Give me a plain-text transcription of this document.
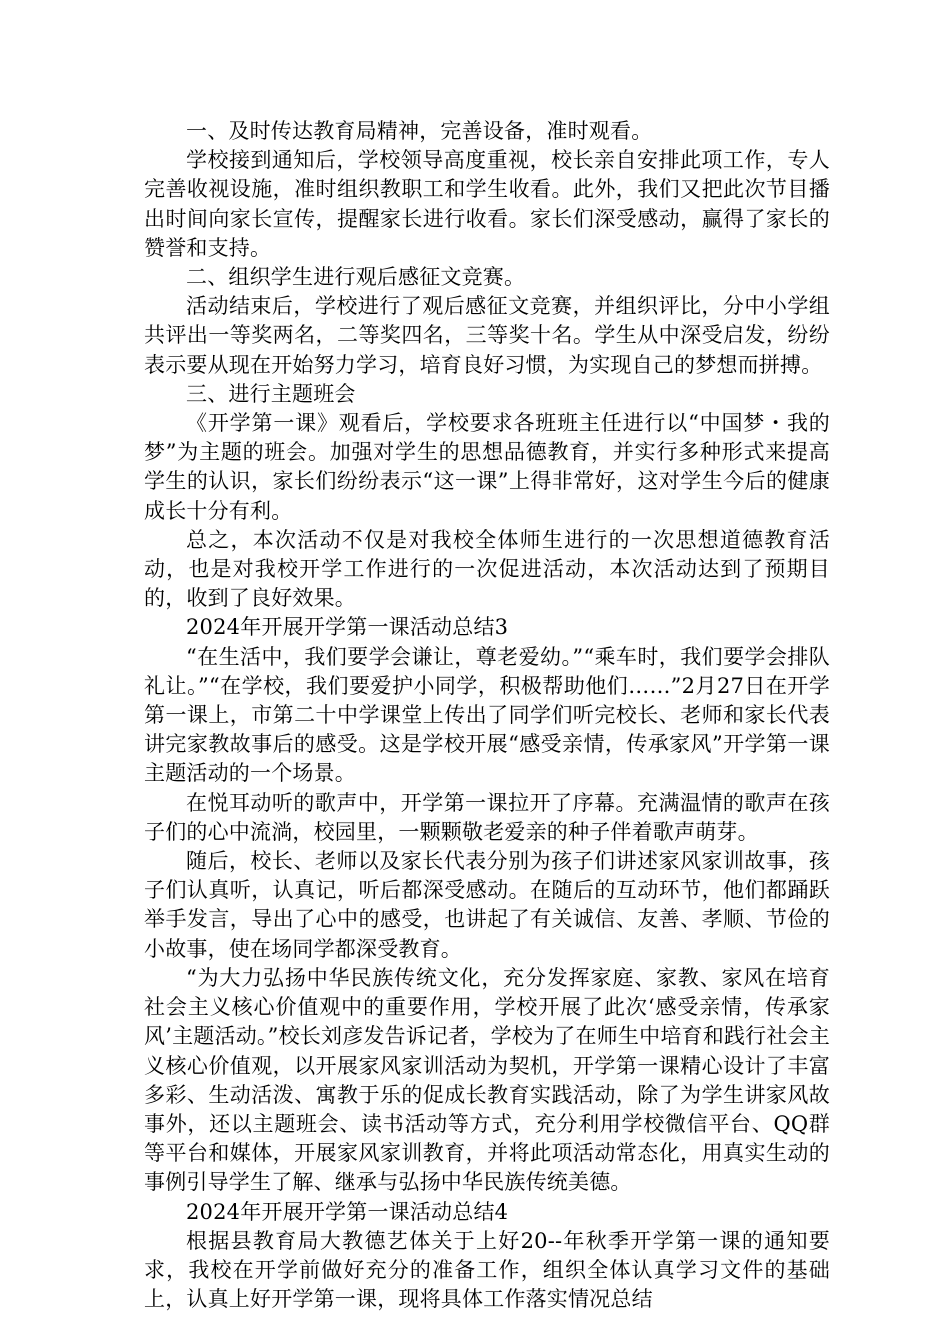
一、及时传达教育局精神，完善设备，准时观看。

学校接到通知后，学校领导高度重视，校长亲自安排此项工作，专人完善收视设施，准时组织教职工和学生收看。此外，我们又把此次节目播出时间向家长宣传，提醒家长进行收看。家长们深受感动，赢得了家长的赞誉和支持。

二、组织学生进行观后感征文竞赛。

活动结束后，学校进行了观后感征文竞赛，并组织评比，分中小学组共评出一等奖两名，二等奖四名，三等奖十名。学生从中深受启发，纷纷表示要从现在开始努力学习，培育良好习惯，为实现自己的梦想而拼搏。

三、进行主题班会

《开学第一课》观看后，学校要求各班班主任进行以“中国梦・我的梦”为主题的班会。加强对学生的思想品德教育，并实行多种形式来提高学生的认识，家长们纷纷表示“这一课”上得非常好，这对学生今后的健康成长十分有利。

总之，本次活动不仅是对我校全体师生进行的一次思想道德教育活动，也是对我校开学工作进行的一次促进活动，本次活动达到了预期目的，收到了良好效果。

2024年开展开学第一课活动总结3

“在生活中，我们要学会谦让，尊老爱幼。”“乘车时，我们要学会排队礼让。”“在学校，我们要爱护小同学，积极帮助他们……”2月27日在开学第一课上，市第二十中学课堂上传出了同学们听完校长、老师和家长代表讲完家教故事后的感受。这是学校开展“感受亲情，传承家风”开学第一课主题活动的一个场景。

在悦耳动听的歌声中，开学第一课拉开了序幕。充满温情的歌声在孩子们的心中流淌，校园里，一颗颗敬老爱亲的种子伴着歌声萌芽。

随后，校长、老师以及家长代表分别为孩子们讲述家风家训故事，孩子们认真听，认真记，听后都深受感动。在随后的互动环节，他们都踊跃举手发言，导出了心中的感受，也讲起了有关诚信、友善、孝顺、节俭的小故事，使在场同学都深受教育。

“为大力弘扬中华民族传统文化，充分发挥家庭、家教、家风在培育社会主义核心价值观中的重要作用，学校开展了此次‘感受亲情，传承家风’主题活动。”校长刘彦发告诉记者，学校为了在师生中培育和践行社会主义核心价值观，以开展家风家训活动为契机，开学第一课精心设计了丰富多彩、生动活泼、寓教于乐的促成长教育实践活动，除了为学生讲家风故事外，还以主题班会、读书活动等方式，充分利用学校微信平台、QQ群等平台和媒体，开展家风家训教育，并将此项活动常态化，用真实生动的事例引导学生了解、继承与弘扬中华民族传统美德。

2024年开展开学第一课活动总结4

根据县教育局大教德艺体关于上好20--年秋季开学第一课的通知要求，我校在开学前做好充分的准备工作，组织全体认真学习文件的基础上，认真上好开学第一课，现将具体工作落实情况总结
